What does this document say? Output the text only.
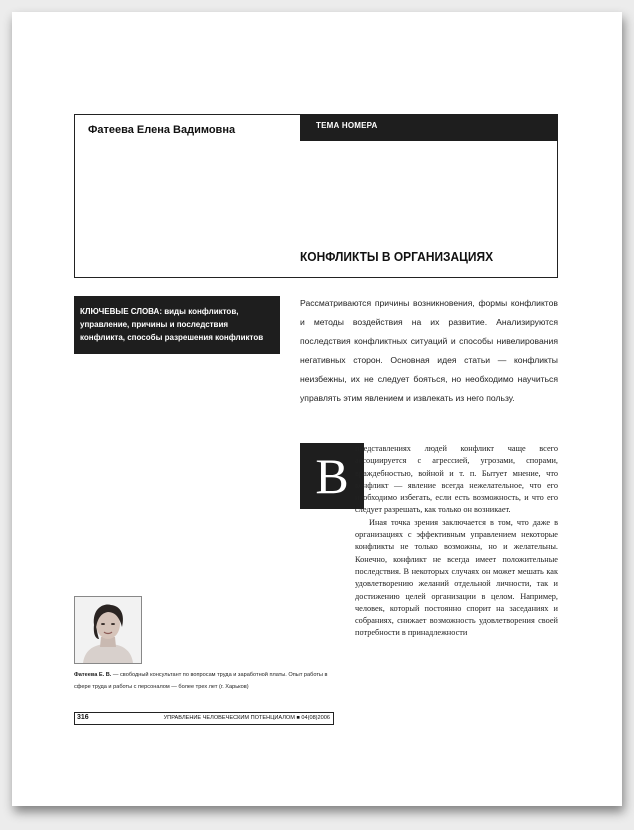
Фатеева Елена Вадимовна	ТЕМА НОМЕРА
КОНФЛИКТЫ В ОРГАНИЗАЦИЯХ
КЛЮЧЕВЫЕ СЛОВА: виды конфликтов, управление, причины и последствия конфликта, способы разрешения конфликтов
Рассматриваются причины возникновения, формы конфликтов и методы воздействия на их развитие. Анализируются последствия конфликтных ситуаций и способы нивелирования негативных сторон. Основная идея статьи — конфликты неизбежны, их не следует бояться, но необходимо научиться управлять этим явлением и извлекать из него пользу.
В представлениях людей конфликт чаще всего ассоциируется с агрессией, угрозами, спорами, враждебностью, войной и т. п. Бытует мнение, что конфликт — явление всегда нежелательное, что его необходимо избегать, если есть возможность, и что его следует разрешать, как только он возникает.

Иная точка зрения заключается в том, что даже в организациях с эффективным управлением некоторые конфликты не только возможны, но и желательны. Конечно, конфликт не всегда имеет положительные последствия. В некоторых случаях он может мешать как удовлетворению желаний отдельной личности, так и достижению целей организации в целом. Например, человек, который постоянно спорит на заседаниях и собраниях, снижает возможность удовлетворения своей потребности в принадлежности

Фатеева Е. В. — свободный консультант по вопросам труда и заработной платы. Опыт работы в сфере труда и работы с персоналом — более трех лет (г. Харьков)
316	УПРАВЛЕНИЕ ЧЕЛОВЕЧЕСКИМ ПОТЕНЦИАЛОМ ■ 04(08)2006
